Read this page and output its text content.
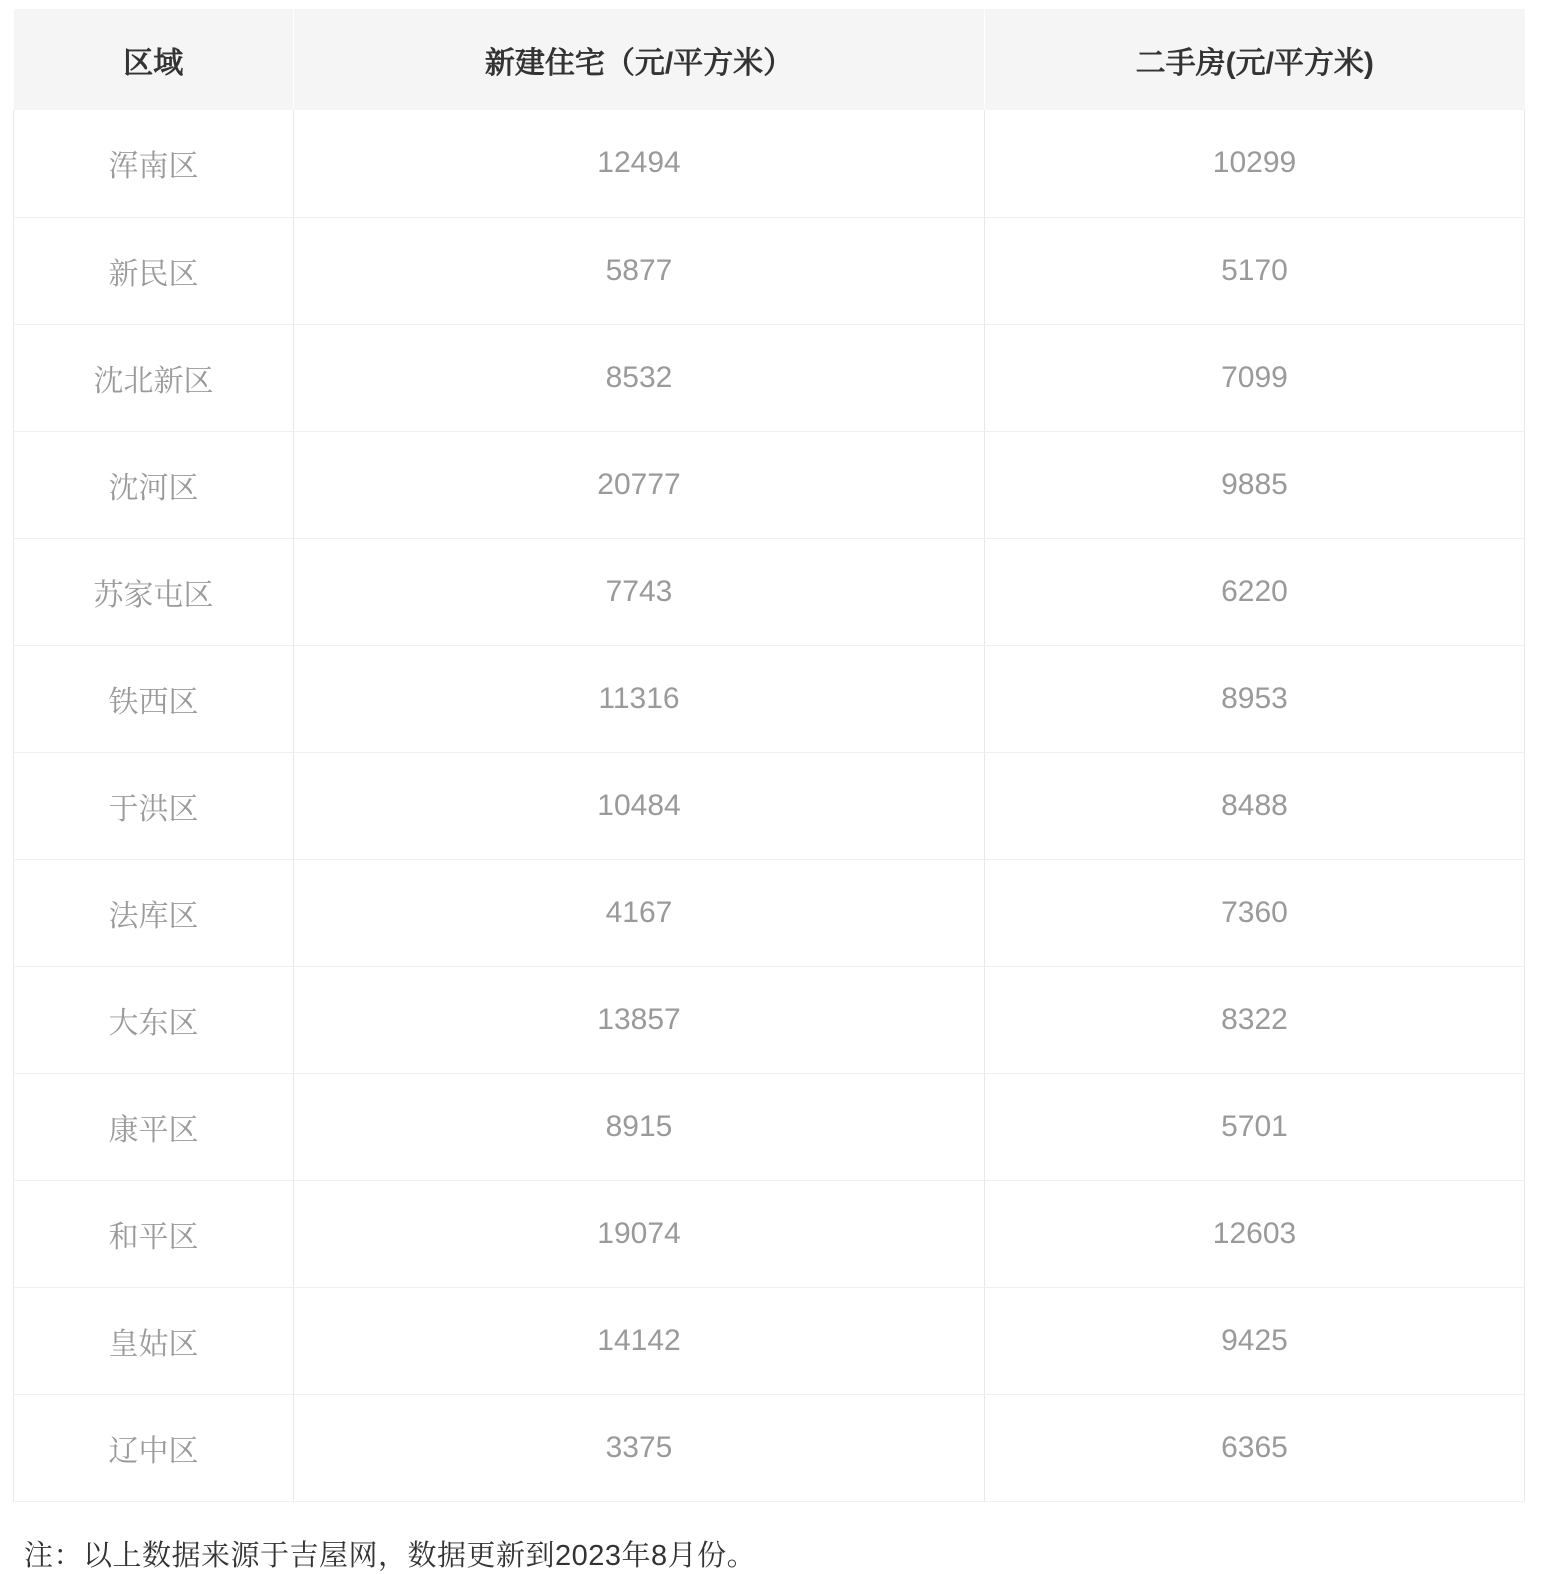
区域	新建住宅（元/平方米）	二手房(元/平方米)
浑南区	12494	10299
新民区	5877	5170
沈北新区	8532	7099
沈河区	20777	9885
苏家屯区	7743	6220
铁西区	11316	8953
于洪区	10484	8488
法库区	4167	7360
大东区	13857	8322
康平区	8915	5701
和平区	19074	12603
皇姑区	14142	9425
辽中区	3375	6365

注：以上数据来源于吉屋网，数据更新到2023年8月份。
